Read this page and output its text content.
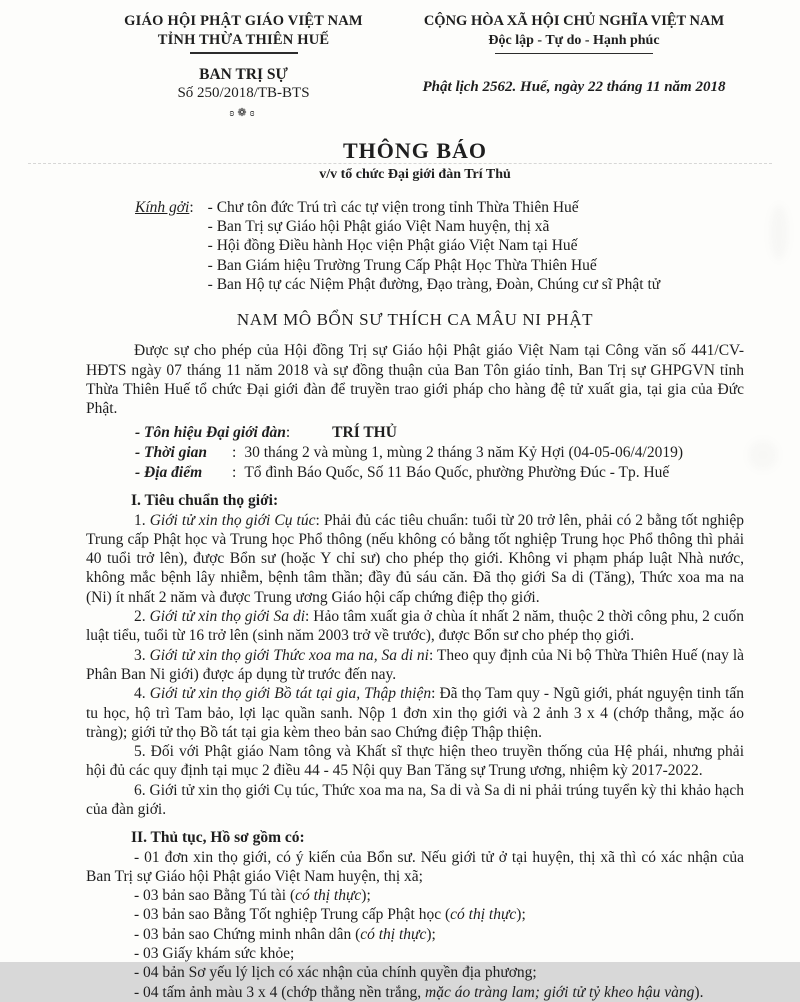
GIÁO HỘI PHẬT GIÁO VIỆT NAM
TỈNH THỪA THIÊN HUẾ
BAN TRỊ SỰ
Số 250/2018/TB-BTS
ʚ❁ɞ
CỘNG HÒA XÃ HỘI CHỦ NGHĨA VIỆT NAM
Độc lập - Tự do - Hạnh phúc
Phật lịch 2562. Huế, ngày 22 tháng 11 năm 2018
THÔNG BÁO
v/v tổ chức Đại giới đàn Trí Thủ
Kính gởi: - Chư tôn đức Trú trì các tự viện trong tỉnh Thừa Thiên Huế
- Ban Trị sự Giáo hội Phật giáo Việt Nam huyện, thị xã
- Hội đồng Điều hành Học viện Phật giáo Việt Nam tại Huế
- Ban Giám hiệu Trường Trung Cấp Phật Học Thừa Thiên Huế
- Ban Hộ tự các Niệm Phật đường, Đạo tràng, Đoàn, Chúng cư sĩ Phật tử
NAM MÔ BỔN SƯ THÍCH CA MÂU NI PHẬT

Được sự cho phép của Hội đồng Trị sự Giáo hội Phật giáo Việt Nam tại Công văn số 441/CV-HĐTS ngày 07 tháng 11 năm 2018 và sự đồng thuận của Ban Tôn giáo tỉnh, Ban Trị sự GHPGVN tỉnh Thừa Thiên Huế tổ chức Đại giới đàn để truyền trao giới pháp cho hàng đệ tử xuất gia, tại gia của Đức Phật.

- Tôn hiệu Đại giới đàn:	TRÍ THỦ
- Thời gian : 30 tháng 2 và mùng 1, mùng 2 tháng 3 năm Kỷ Hợi (04-05-06/4/2019)
- Địa điểm : Tổ đình Báo Quốc, Số 11 Báo Quốc, phường Phường Đúc - Tp. Huế

I. Tiêu chuẩn thọ giới:

1. Giới tử xin thọ giới Cụ túc: Phải đủ các tiêu chuẩn: tuổi từ 20 trở lên, phải có 2 bằng tốt nghiệp Trung cấp Phật học và Trung học Phổ thông (nếu không có bằng tốt nghiệp Trung học Phổ thông thì phải 40 tuổi trở lên), được Bổn sư (hoặc Y chỉ sư) cho phép thọ giới. Không vi phạm pháp luật Nhà nước, không mắc bệnh lây nhiễm, bệnh tâm thần; đầy đủ sáu căn. Đã thọ giới Sa di (Tăng), Thức xoa ma na (Ni) ít nhất 2 năm và được Trung ương Giáo hội cấp chứng điệp thọ giới.

2. Giới tử xin thọ giới Sa di: Hảo tâm xuất gia ở chùa ít nhất 2 năm, thuộc 2 thời công phu, 2 cuốn luật tiểu, tuổi từ 16 trở lên (sinh năm 2003 trở về trước), được Bổn sư cho phép thọ giới.

3. Giới tử xin thọ giới Thức xoa ma na, Sa di ni: Theo quy định của Ni bộ Thừa Thiên Huế (nay là Phân Ban Ni giới) được áp dụng từ trước đến nay.

4. Giới tử xin thọ giới Bồ tát tại gia, Thập thiện: Đã thọ Tam quy - Ngũ giới, phát nguyện tinh tấn tu học, hộ trì Tam bảo, lợi lạc quần sanh. Nộp 1 đơn xin thọ giới và 2 ảnh 3 x 4 (chớp thẳng, mặc áo tràng); giới tử thọ Bồ tát tại gia kèm theo bản sao Chứng điệp Thập thiện.

5. Đối với Phật giáo Nam tông và Khất sĩ thực hiện theo truyền thống của Hệ phái, nhưng phải hội đủ các quy định tại mục 2 điều 44 - 45 Nội quy Ban Tăng sự Trung ương, nhiệm kỳ 2017-2022.

6. Giới tử xin thọ giới Cụ túc, Thức xoa ma na, Sa di và Sa di ni phải trúng tuyển kỳ thi khảo hạch của đàn giới.

II. Thủ tục, Hồ sơ gồm có:

- 01 đơn xin thọ giới, có ý kiến của Bổn sư. Nếu giới tử ở tại huyện, thị xã thì có xác nhận của Ban Trị sự Giáo hội Phật giáo Việt Nam huyện, thị xã;

- 03 bản sao Bằng Tú tài (có thị thực);

- 03 bản sao Bằng Tốt nghiệp Trung cấp Phật học (có thị thực);

- 03 bản sao Chứng minh nhân dân (có thị thực);

- 03 Giấy khám sức khỏe;

- 04 bản Sơ yếu lý lịch có xác nhận của chính quyền địa phương;

- 04 tấm ảnh màu 3 x 4 (chớp thẳng nền trắng, mặc áo tràng lam; giới tử tỷ kheo hậu vàng).
